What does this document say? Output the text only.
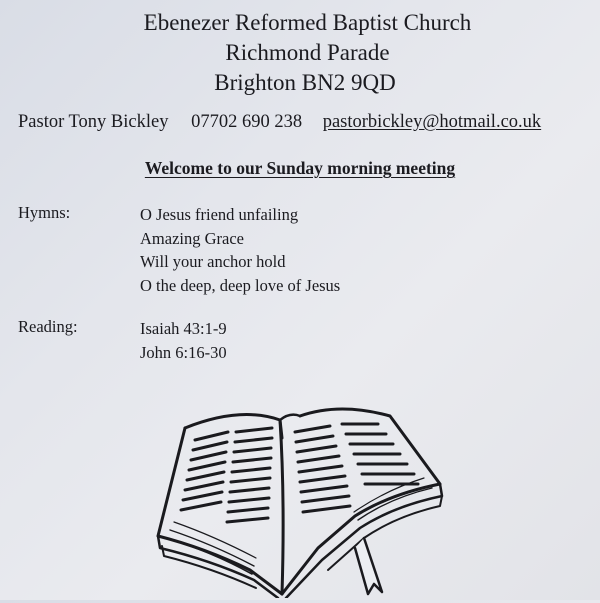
Ebenezer Reformed Baptist Church
Richmond Parade
Brighton BN2 9QD
Pastor Tony Bickley 07702 690 238 pastorbickley@hotmail.co.uk
Welcome to our Sunday morning meeting
Hymns:	O Jesus friend unfailing
Amazing Grace
Will your anchor hold
O the deep, deep love of Jesus
Reading:	Isaiah 43:1-9
John 6:16-30
